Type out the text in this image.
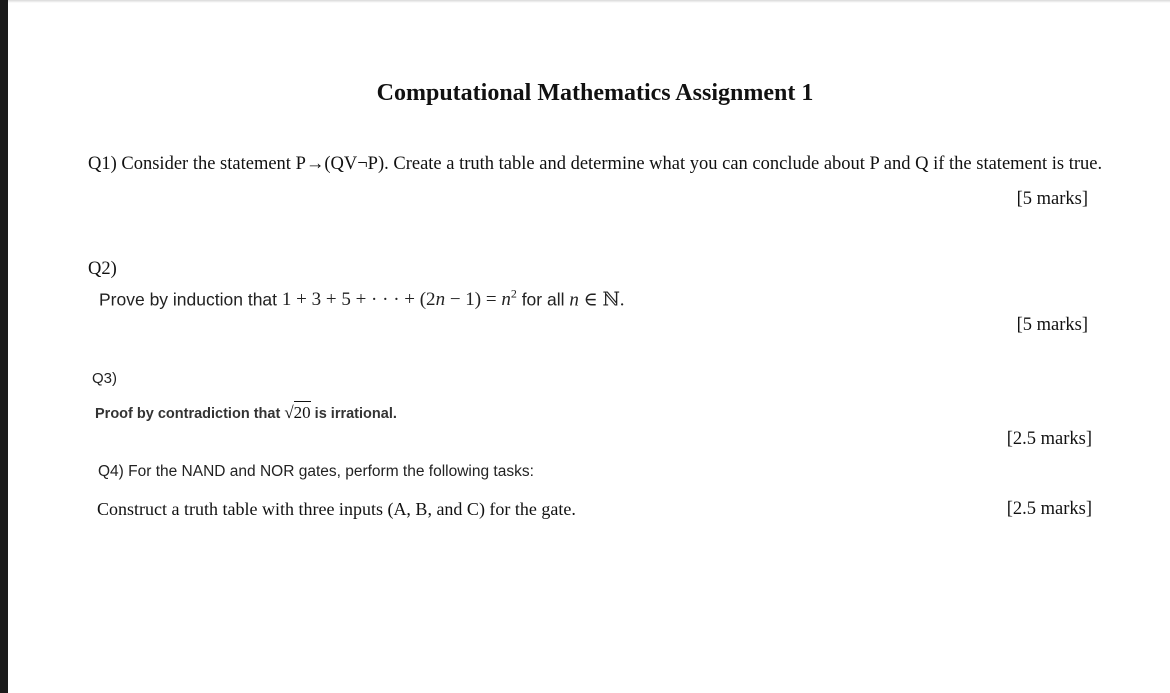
Computational Mathematics Assignment 1
Q1) Consider the statement P→(QV¬P). Create a truth table and determine what you can conclude about P and Q if the statement is true.
[5 marks]
Q2)
Prove by induction that 1 + 3 + 5 + · · · + $(2n - 1) = n^2$ for all n ∈ ℕ.
[5 marks]
Q3)
Proof by contradiction that √20 is irrational.
[2.5 marks]
Q4) For the NAND and NOR gates, perform the following tasks:
Construct a truth table with three inputs (A, B, and C) for the gate.	[2.5 marks]
